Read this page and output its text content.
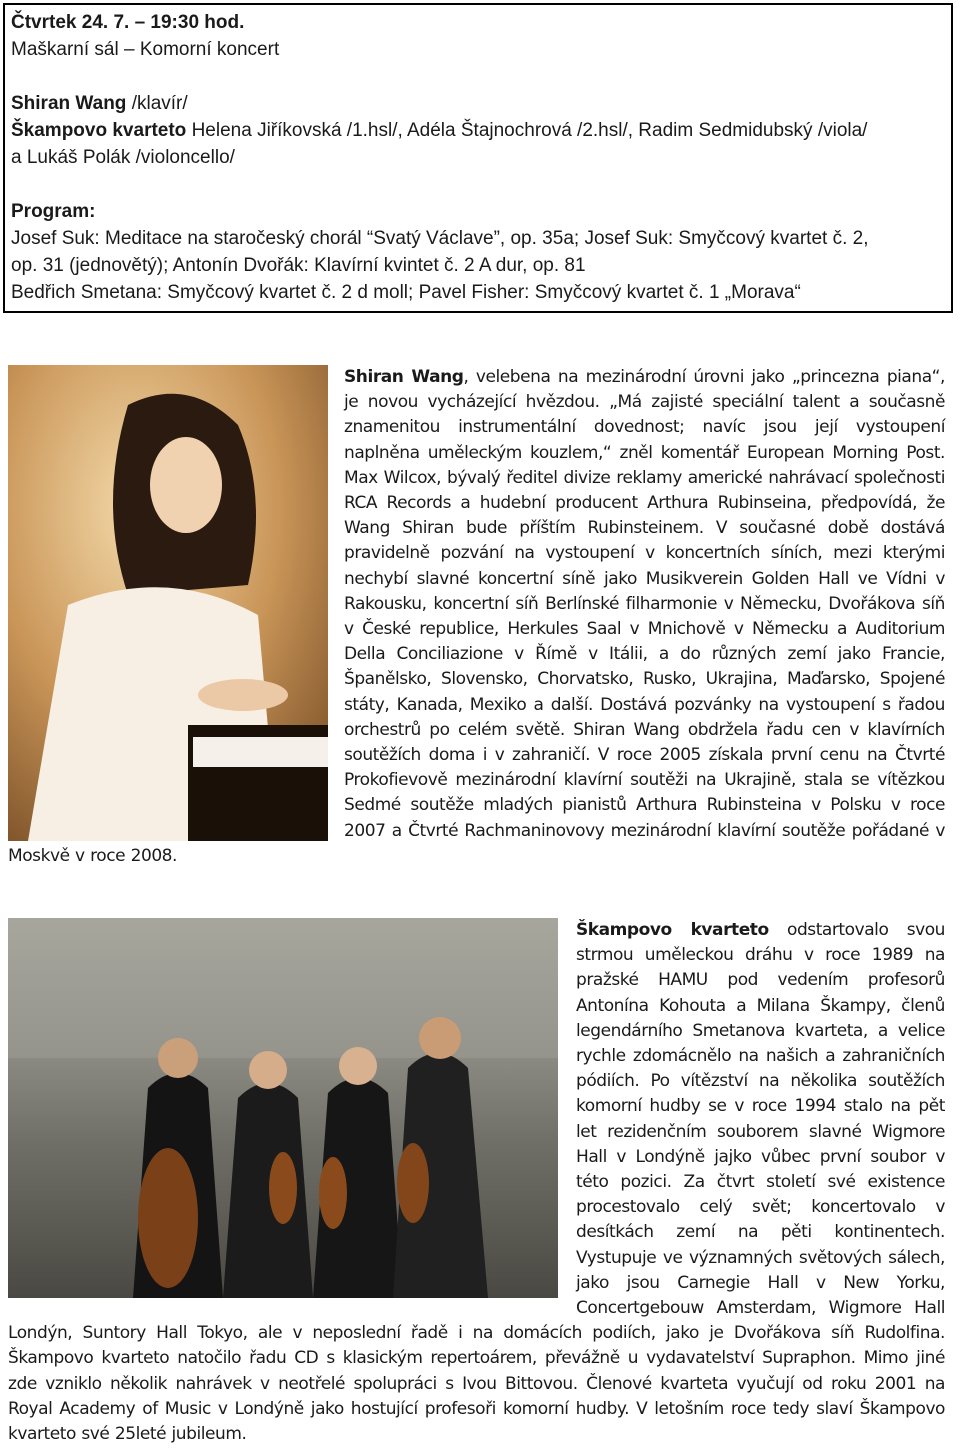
Čtvrtek 24. 7. – 19:30 hod.
Maškarní sál – Komorní koncert
Shiran Wang /klavír/
Škampovo kvarteto Helena Jiříkovská /1.hsl/, Adéla Štajnochrová /2.hsl/, Radim Sedmidubský /viola/
a Lukáš Polák /violoncello/
Program:
Josef Suk: Meditace na staročeský chorál “Svatý Václave”, op. 35a; Josef Suk: Smyčcový kvartet č. 2,
op. 31 (jednovětý); Antonín Dvořák: Klavírní kvintet č. 2 A dur, op. 81
Bedřich Smetana: Smyčcový kvartet č. 2 d moll; Pavel Fisher: Smyčcový kvartet č. 1 „Morava“
Shiran Wang, velebena na mezinárodní úrovni jako „princezna piana“, je novou vycházející hvězdou. „Má zajisté speciální talent a současně znamenitou instrumentální dovednost; navíc jsou její vystoupení naplněna uměleckým kouzlem,“ zněl komentář European Morning Post. Max Wilcox, bývalý ředitel divize reklamy americké nahrávací společnosti RCA Records a hudební producent Arthura Rubinseina, předpovídá, že Wang Shiran bude příštím Rubinsteinem. V současné době dostává pravidelně pozvání na vystoupení v koncertních síních, mezi kterými nechybí slavné koncertní síně jako Musikverein Golden Hall ve Vídni v Rakousku, koncertní síň Berlínské filharmonie v Německu, Dvořákova síň v České republice, Herkules Saal v Mnichově v Německu a Auditorium Della Conciliazione v Římě v Itálii, a do různých zemí jako Francie, Španělsko, Slovensko, Chorvatsko, Rusko, Ukrajina, Maďarsko, Spojené státy, Kanada, Mexiko a další. Dostává pozvánky na vystoupení s řadou orchestrů po celém světě. Shiran Wang obdržela řadu cen v klavírních soutěžích doma i v zahraničí. V roce 2005 získala první cenu na Čtvrté Prokofievově mezinárodní klavírní soutěži na Ukrajině, stala se vítězkou Sedmé soutěže mladých pianistů Arthura Rubinsteina v Polsku v roce 2007 a Čtvrté Rachmaninovovy mezinárodní klavírní soutěže pořádané v Moskvě v roce 2008.
Škampovo kvarteto odstartovalo svou strmou uměleckou dráhu v roce 1989 na pražské HAMU pod vedením profesorů Antonína Kohouta a Milana Škampy, členů legendárního Smetanova kvarteta, a velice rychle zdomácnělo na našich a zahraničních pódiích. Po vítězství na několika soutěžích komorní hudby se v roce 1994 stalo na pět let rezidenčním souborem slavné Wigmore Hall v Londýně jajko vůbec první soubor v této pozici. Za čtvrt století své existence procestovalo celý svět; koncertovalo v desítkách zemí na pěti kontinentech. Vystupuje ve významných světových sálech, jako jsou Carnegie Hall v New Yorku, Concertgebouw Amsterdam, Wigmore Hall Londýn, Suntory Hall Tokyo, ale v neposlední řadě i na domácích podiích, jako je Dvořákova síň Rudolfina. Škampovo kvarteto natočilo řadu CD s klasickým repertoárem, převážně u vydavatelství Supraphon. Mimo jiné zde vzniklo několik nahrávek v neotřelé spolupráci s Ivou Bittovou. Členové kvarteta vyučují od roku 2001 na Royal Academy of Music v Londýně jako hostující profesoři komorní hudby. V letošním roce tedy slaví Škampovo kvarteto své 25leté jubileum.
